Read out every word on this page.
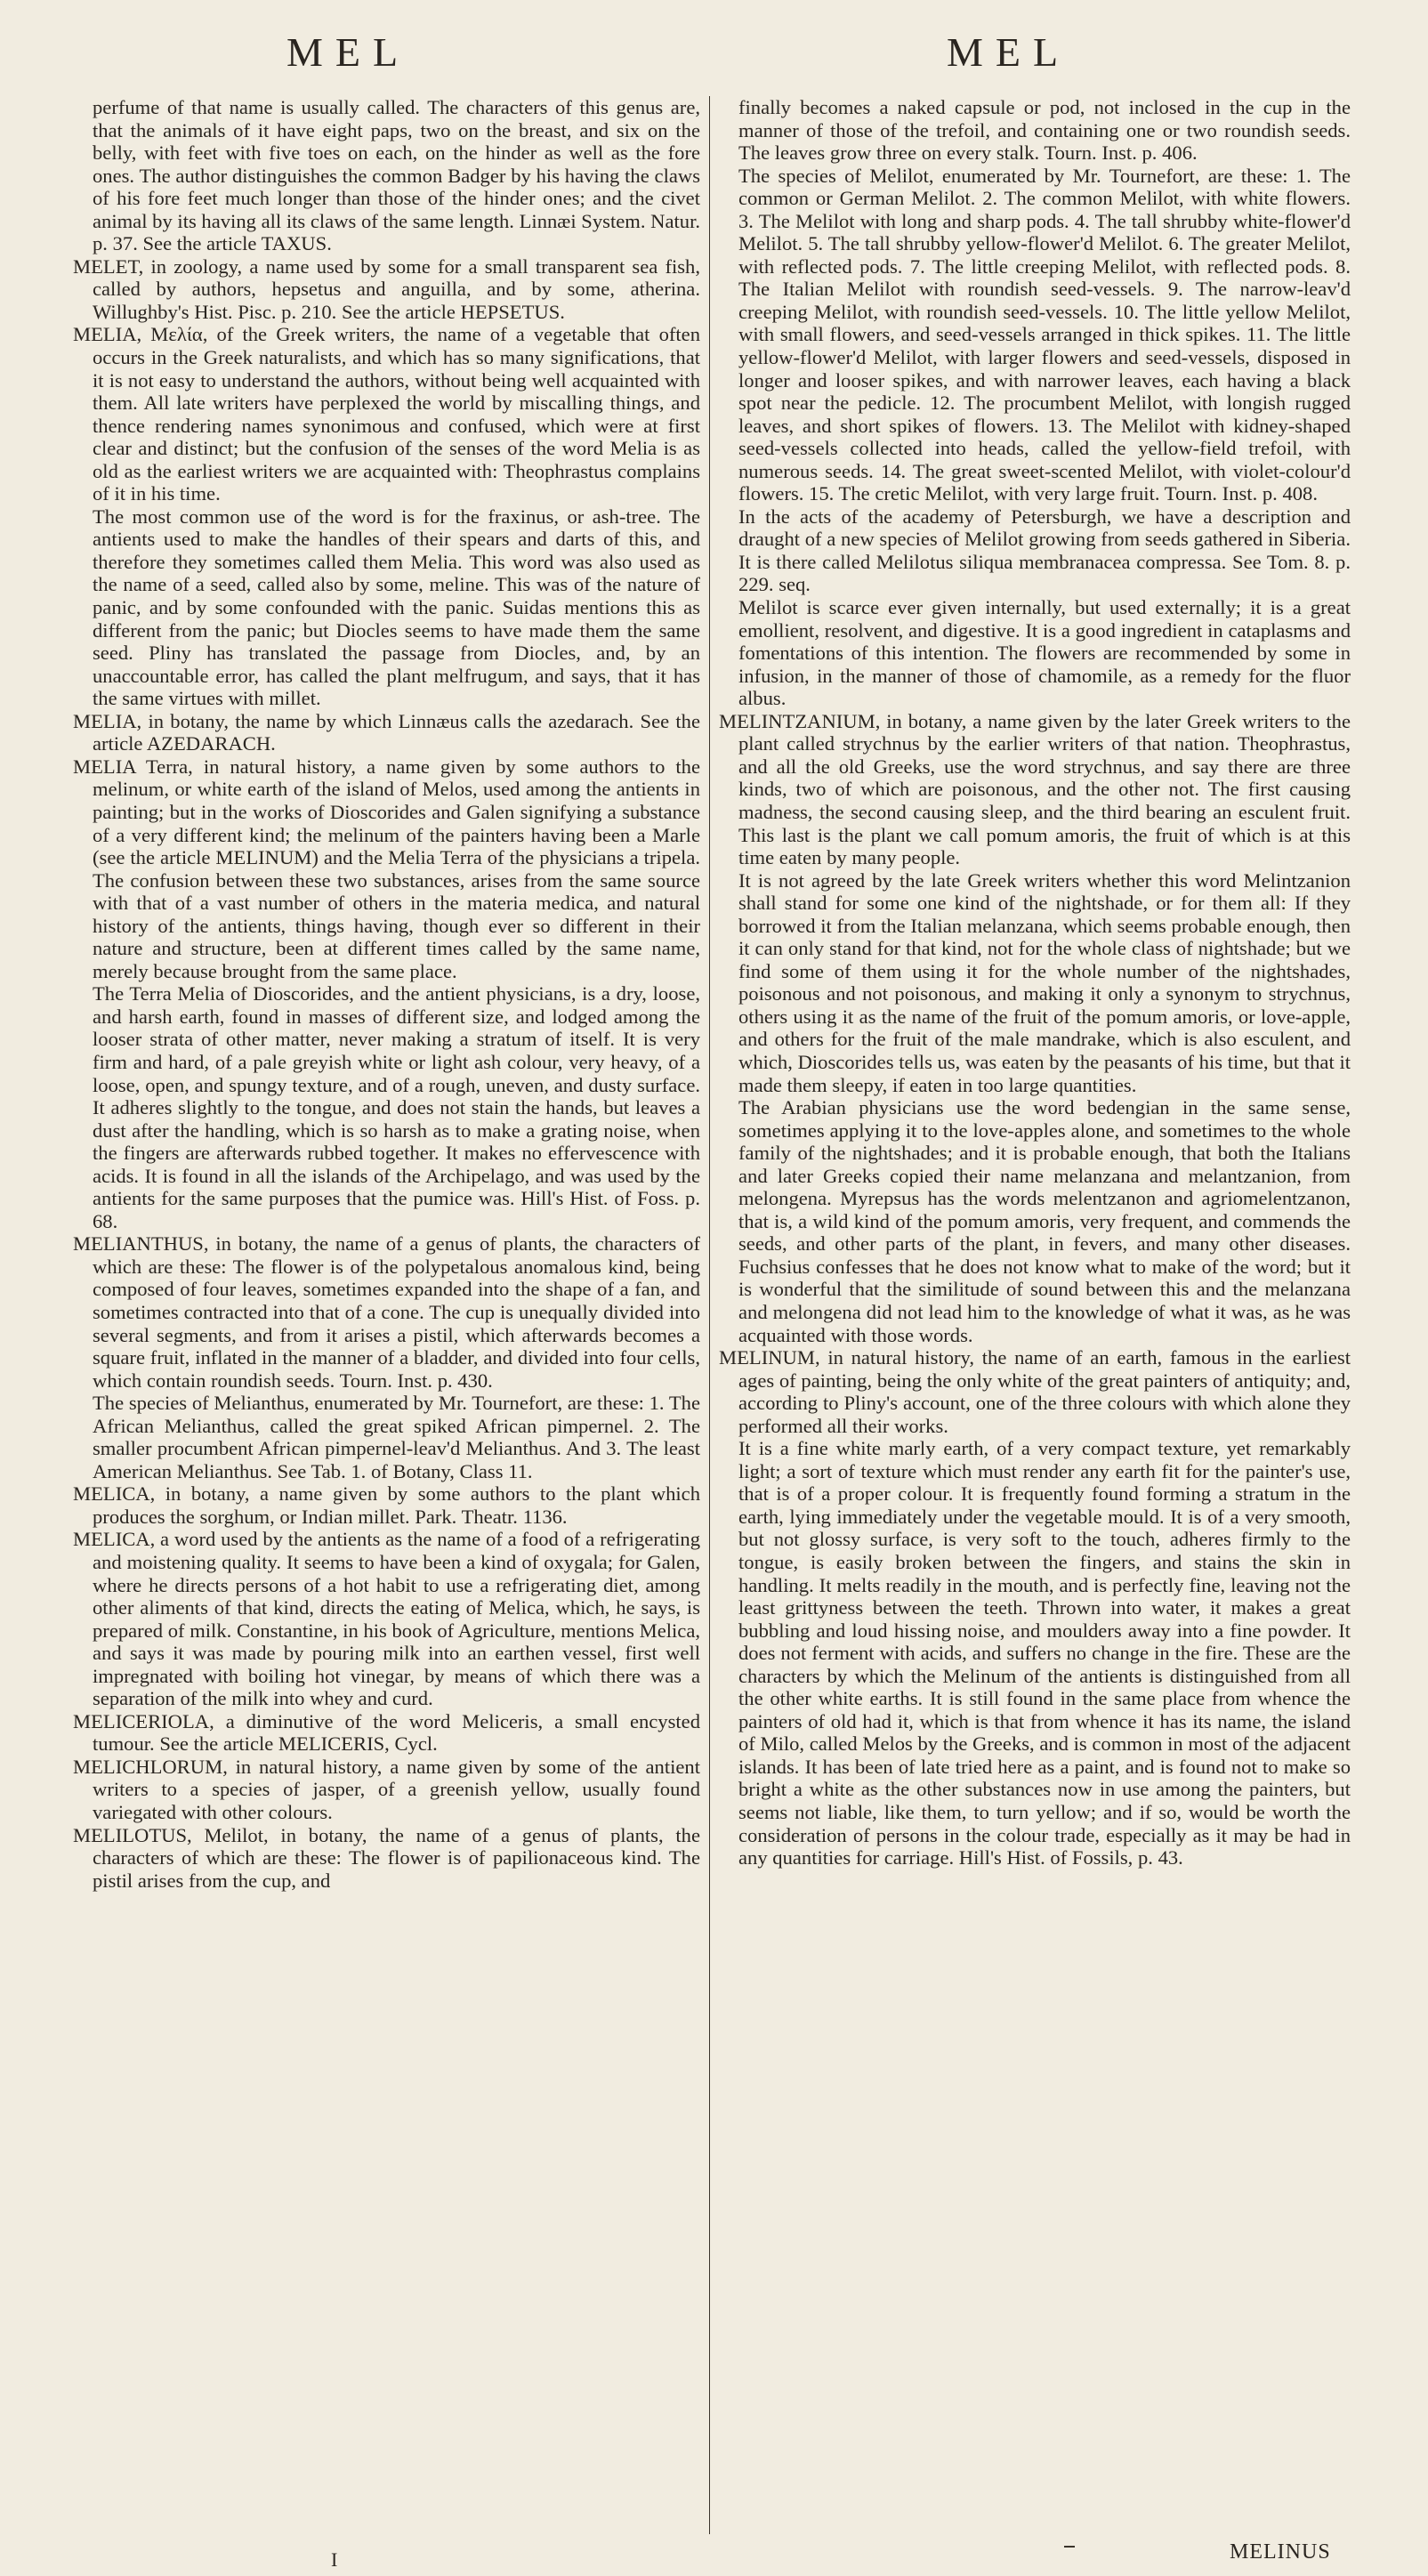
MEL	MEL

perfume of that name is usually called. The characters of this genus are, that the animals of it have eight paps, two on the breast, and six on the belly, with feet with five toes on each, on the hinder as well as the fore ones. The author distinguishes the common Badger by his having the claws of his fore feet much longer than those of the hinder ones; and the civet animal by its having all its claws of the same length. Linnæi System. Natur. p. 37. See the article TAXUS.

MELET, in zoology, a name used by some for a small transparent sea fish, called by authors, hepsetus and anguilla, and by some, atherina. Willughby's Hist. Pisc. p. 210. See the article HEPSETUS.

MELIA, Μελία, of the Greek writers, the name of a vegetable that often occurs in the Greek naturalists, and which has so many significations, that it is not easy to understand the authors, without being well acquainted with them. All late writers have perplexed the world by miscalling things, and thence rendering names synonimous and confused, which were at first clear and distinct; but the confusion of the senses of the word Melia is as old as the earliest writers we are acquainted with: Theophrastus complains of it in his time.

The most common use of the word is for the fraxinus, or ash-tree. The antients used to make the handles of their spears and darts of this, and therefore they sometimes called them Melia. This word was also used as the name of a seed, called also by some, meline. This was of the nature of panic, and by some confounded with the panic. Suidas mentions this as different from the panic; but Diocles seems to have made them the same seed. Pliny has translated the passage from Diocles, and, by an unaccountable error, has called the plant melfrugum, and says, that it has the same virtues with millet.

MELIA, in botany, the name by which Linnæus calls the azedarach. See the article AZEDARACH.

MELIA Terra, in natural history, a name given by some authors to the melinum, or white earth of the island of Melos, used among the antients in painting; but in the works of Dioscorides and Galen signifying a substance of a very different kind; the melinum of the painters having been a Marle (see the article MELINUM) and the Melia Terra of the physicians a tripela. The confusion between these two substances, arises from the same source with that of a vast number of others in the materia medica, and natural history of the antients, things having, though ever so different in their nature and structure, been at different times called by the same name, merely because brought from the same place.

The Terra Melia of Dioscorides, and the antient physicians, is a dry, loose, and harsh earth, found in masses of different size, and lodged among the looser strata of other matter, never making a stratum of itself. It is very firm and hard, of a pale greyish white or light ash colour, very heavy, of a loose, open, and spungy texture, and of a rough, uneven, and dusty surface. It adheres slightly to the tongue, and does not stain the hands, but leaves a dust after the handling, which is so harsh as to make a grating noise, when the fingers are afterwards rubbed together. It makes no effervescence with acids. It is found in all the islands of the Archipelago, and was used by the antients for the same purposes that the pumice was. Hill's Hist. of Foss. p. 68.

MELIANTHUS, in botany, the name of a genus of plants, the characters of which are these: The flower is of the polypetalous anomalous kind, being composed of four leaves, sometimes expanded into the shape of a fan, and sometimes contracted into that of a cone. The cup is unequally divided into several segments, and from it arises a pistil, which afterwards becomes a square fruit, inflated in the manner of a bladder, and divided into four cells, which contain roundish seeds. Tourn. Inst. p. 430.

The species of Melianthus, enumerated by Mr. Tournefort, are these: 1. The African Melianthus, called the great spiked African pimpernel. 2. The smaller procumbent African pimpernel-leav'd Melianthus. And 3. The least American Melianthus. See Tab. 1. of Botany, Class 11.

MELICA, in botany, a name given by some authors to the plant which produces the sorghum, or Indian millet. Park. Theatr. 1136.

MELICA, a word used by the antients as the name of a food of a refrigerating and moistening quality. It seems to have been a kind of oxygala; for Galen, where he directs persons of a hot habit to use a refrigerating diet, among other aliments of that kind, directs the eating of Melica, which, he says, is prepared of milk. Constantine, in his book of Agriculture, mentions Melica, and says it was made by pouring milk into an earthen vessel, first well impregnated with boiling hot vinegar, by means of which there was a separation of the milk into whey and curd.

MELICERIOLA, a diminutive of the word Meliceris, a small encysted tumour. See the article MELICERIS, Cycl.

MELICHLORUM, in natural history, a name given by some of the antient writers to a species of jasper, of a greenish yellow, usually found variegated with other colours.

MELILOTUS, Melilot, in botany, the name of a genus of plants, the characters of which are these: The flower is of papilionaceous kind. The pistil arises from the cup, and

finally becomes a naked capsule or pod, not inclosed in the cup in the manner of those of the trefoil, and containing one or two roundish seeds. The leaves grow three on every stalk. Tourn. Inst. p. 406.

The species of Melilot, enumerated by Mr. Tournefort, are these: 1. The common or German Melilot. 2. The common Melilot, with white flowers. 3. The Melilot with long and sharp pods. 4. The tall shrubby white-flower'd Melilot. 5. The tall shrubby yellow-flower'd Melilot. 6. The greater Melilot, with reflected pods. 7. The little creeping Melilot, with reflected pods. 8. The Italian Melilot with roundish seed-vessels. 9. The narrow-leav'd creeping Melilot, with roundish seed-vessels. 10. The little yellow Melilot, with small flowers, and seed-vessels arranged in thick spikes. 11. The little yellow-flower'd Melilot, with larger flowers and seed-vessels, disposed in longer and looser spikes, and with narrower leaves, each having a black spot near the pedicle. 12. The procumbent Melilot, with longish rugged leaves, and short spikes of flowers. 13. The Melilot with kidney-shaped seed-vessels collected into heads, called the yellow-field trefoil, with numerous seeds. 14. The great sweet-scented Melilot, with violet-colour'd flowers. 15. The cretic Melilot, with very large fruit. Tourn. Inst. p. 408.

In the acts of the academy of Petersburgh, we have a description and draught of a new species of Melilot growing from seeds gathered in Siberia. It is there called Melilotus siliqua membranacea compressa. See Tom. 8. p. 229. seq.

Melilot is scarce ever given internally, but used externally; it is a great emollient, resolvent, and digestive. It is a good ingredient in cataplasms and fomentations of this intention. The flowers are recommended by some in infusion, in the manner of those of chamomile, as a remedy for the fluor albus.

MELINTZANIUM, in botany, a name given by the later Greek writers to the plant called strychnus by the earlier writers of that nation. Theophrastus, and all the old Greeks, use the word strychnus, and say there are three kinds, two of which are poisonous, and the other not. The first causing madness, the second causing sleep, and the third bearing an esculent fruit. This last is the plant we call pomum amoris, the fruit of which is at this time eaten by many people.

It is not agreed by the late Greek writers whether this word Melintzanion shall stand for some one kind of the nightshade, or for them all: If they borrowed it from the Italian melanzana, which seems probable enough, then it can only stand for that kind, not for the whole class of nightshade; but we find some of them using it for the whole number of the nightshades, poisonous and not poisonous, and making it only a synonym to strychnus, others using it as the name of the fruit of the pomum amoris, or love-apple, and others for the fruit of the male mandrake, which is also esculent, and which, Dioscorides tells us, was eaten by the peasants of his time, but that it made them sleepy, if eaten in too large quantities.

The Arabian physicians use the word bedengian in the same sense, sometimes applying it to the love-apples alone, and sometimes to the whole family of the nightshades; and it is probable enough, that both the Italians and later Greeks copied their name melanzana and melantzanion, from melongena. Myrepsus has the words melentzanon and agriomelentzanon, that is, a wild kind of the pomum amoris, very frequent, and commends the seeds, and other parts of the plant, in fevers, and many other diseases. Fuchsius confesses that he does not know what to make of the word; but it is wonderful that the similitude of sound between this and the melanzana and melongena did not lead him to the knowledge of what it was, as he was acquainted with those words.

MELINUM, in natural history, the name of an earth, famous in the earliest ages of painting, being the only white of the great painters of antiquity; and, according to Pliny's account, one of the three colours with which alone they performed all their works.

It is a fine white marly earth, of a very compact texture, yet remarkably light; a sort of texture which must render any earth fit for the painter's use, that is of a proper colour. It is frequently found forming a stratum in the earth, lying immediately under the vegetable mould. It is of a very smooth, but not glossy surface, is very soft to the touch, adheres firmly to the tongue, is easily broken between the fingers, and stains the skin in handling. It melts readily in the mouth, and is perfectly fine, leaving not the least grittyness between the teeth. Thrown into water, it makes a great bubbling and loud hissing noise, and moulders away into a fine powder. It does not ferment with acids, and suffers no change in the fire. These are the characters by which the Melinum of the antients is distinguished from all the other white earths. It is still found in the same place from whence the painters of old had it, which is that from whence it has its name, the island of Milo, called Melos by the Greeks, and is common in most of the adjacent islands. It has been of late tried here as a paint, and is found not to make so bright a white as the other substances now in use among the painters, but seems not liable, like them, to turn yellow; and if so, would be worth the consideration of persons in the colour trade, especially as it may be had in any quantities for carriage. Hill's Hist. of Fossils, p. 43.

I	MELINUS
